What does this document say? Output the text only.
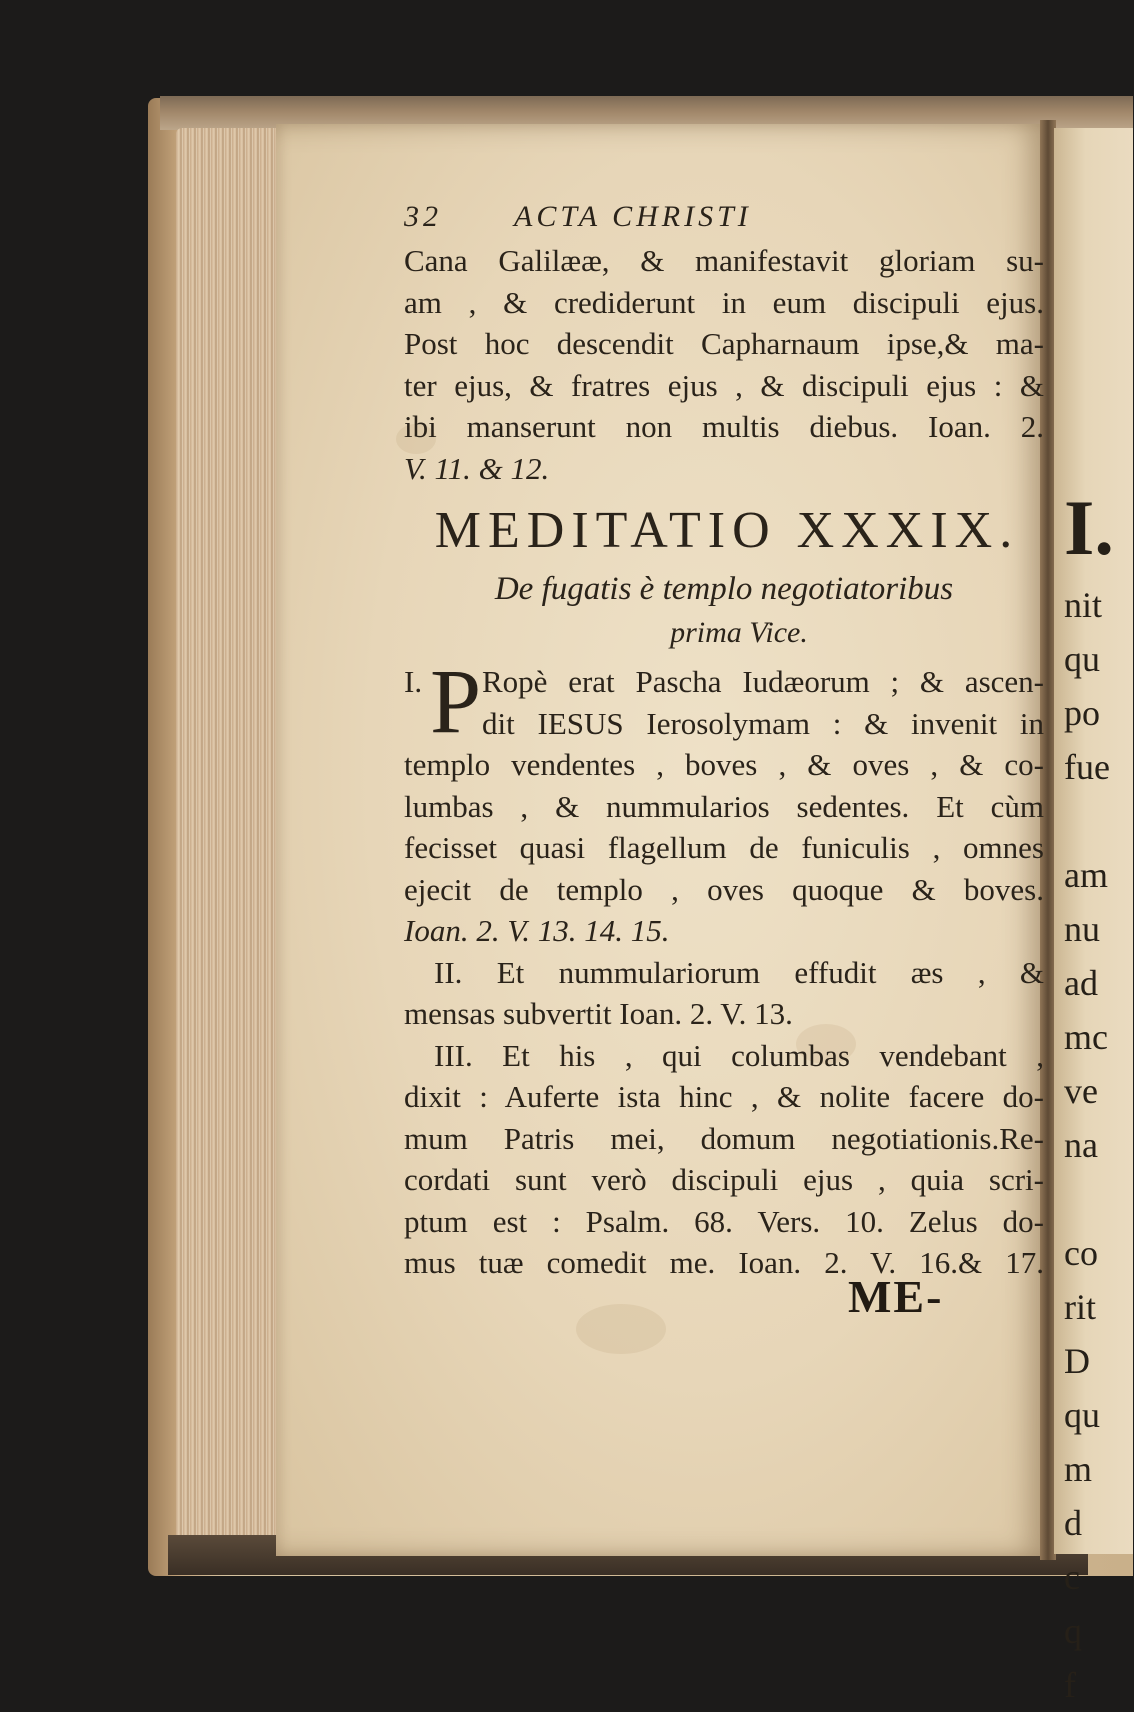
I.
nit
qu
po
fue

am
nu
ad
mc
ve
na

co
rit
D
qu
m
d
c
q
f
32	ACTA CHRISTI
Cana Galilææ, & manifestavit gloriam su-
am , & crediderunt in eum discipuli ejus.
Post hoc descendit Capharnaum ipse,& ma-
ter ejus, & fratres ejus , & discipuli ejus : &
ibi manserunt non multis diebus. Ioan. 2.
V. 11. & 12.
MEDITATIO XXXIX.
De fugatis è templo negotiatoribus
prima Vice.
I. P Ropè erat Pascha Iudæorum ; & ascen-
dit IESUS Ierosolymam : & invenit in
templo vendentes , boves , & oves , & co-
lumbas , & nummularios sedentes. Et cùm
fecisset quasi flagellum de funiculis , omnes
ejecit de templo , oves quoque & boves.
Ioan. 2. V. 13. 14. 15.
II. Et nummulariorum effudit æs , &
mensas subvertit Ioan. 2. V. 13.
III. Et his , qui columbas vendebant ,
dixit : Auferte ista hinc , & nolite facere do-
mum Patris mei, domum negotiationis.Re-
cordati sunt verò discipuli ejus , quia scri-
ptum est : Psalm. 68. Vers. 10. Zelus do-
mus tuæ comedit me. Ioan. 2. V. 16.& 17.
ME-
